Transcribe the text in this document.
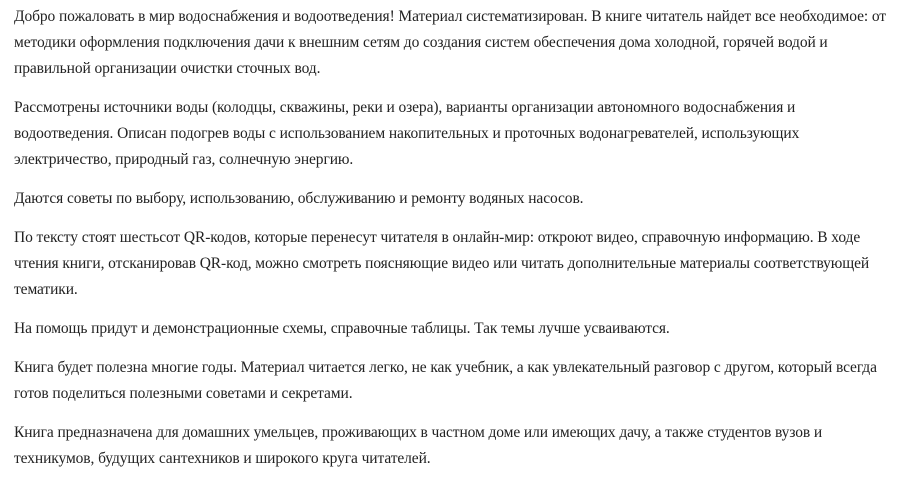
Добро пожаловать в мир водоснабжения и водоотведения! Материал систематизирован. В книге читатель найдет все необходимое: от методики оформления подключения дачи к внешним сетям до создания систем обеспечения дома холодной, горячей водой и правильной организации очистки сточных вод.

Рассмотрены источники воды (колодцы, скважины, реки и озера), варианты организации автономного водоснабжения и водоотведения. Описан подогрев воды с использованием накопительных и проточных водонагревателей, использующих электричество, природный газ, солнечную энергию.

Даются советы по выбору, использованию, обслуживанию и ремонту водяных насосов.

По тексту стоят шестьсот QR-кодов, которые перенесут читателя в онлайн-мир: откроют видео, справочную информацию. В ходе чтения книги, отсканировав QR-код, можно смотреть поясняющие видео или читать дополнительные материалы соответствующей тематики.

На помощь придут и демонстрационные схемы, справочные таблицы. Так темы лучше усваиваются.

Книга будет полезна многие годы. Материал читается легко, не как учебник, а как увлекательный разговор с другом, который всегда готов поделиться полезными советами и секретами.

Книга предназначена для домашних умельцев, проживающих в частном доме или имеющих дачу, а также студентов вузов и техникумов, будущих сантехников и широкого круга читателей.
